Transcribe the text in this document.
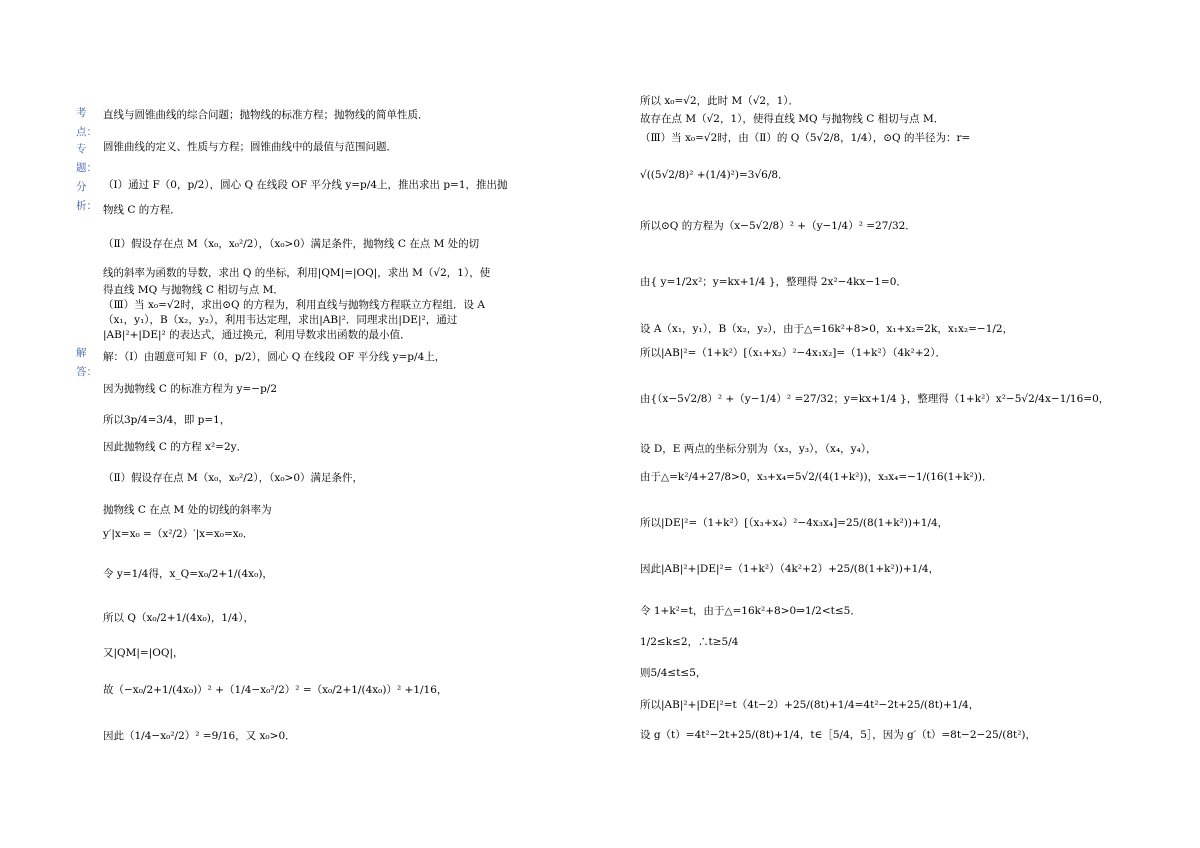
考点：
专题：
分析：
解答：
直线与圆锥曲线的综合问题；抛物线的标准方程；抛物线的简单性质．
圆锥曲线的定义、性质与方程；圆锥曲线中的最值与范围问题．
（Ⅰ）通过 F（0，p/2），圆心 Q 在线段 OF 平分线 y=p/4上，推出求出 p=1，推出抛
物线 C 的方程．
（Ⅱ）假设存在点 M（x₀，x₀²/2），（x₀>0）满足条件，抛物线 C 在点 M 处的切
线的斜率为函数的导数，求出 Q 的坐标，利用|QM|=|OQ|，求出 M（√2，1），使
得直线 MQ 与抛物线 C 相切与点 M．
（Ⅲ）当 x₀=√2时，求出⊙Q 的方程为，利用直线与抛物线方程联立方程组．设 A
（x₁，y₁），B（x₂，y₂），利用韦达定理，求出|AB|²．同理求出|DE|²，通过
|AB|²+|DE|² 的表达式，通过换元，利用导数求出函数的最小值．
解：（Ⅰ）由题意可知 F（0，p/2），圆心 Q 在线段 OF 平分线 y=p/4上，
因为抛物线 C 的标准方程为 y=−p/2
所以3p/4=3/4，即 p=1，
因此抛物线 C 的方程 x²=2y．
（Ⅱ）假设存在点 M（x₀，x₀²/2），（x₀>0）满足条件，
抛物线 C 在点 M 处的切线的斜率为
y′|x=x₀ =（x²/2）′|x=x₀=x₀．
令 y=1/4得，x_Q=x₀/2+1/(4x₀)，
所以 Q（x₀/2+1/(4x₀)，1/4），
又|QM|=|OQ|，
故（−x₀/2+1/(4x₀)）² +（1/4−x₀²/2）² =（x₀/2+1/(4x₀)）² +1/16，
因此（1/4−x₀²/2）² =9/16，又 x₀>0．
所以 x₀=√2，此时 M（√2，1）．
故存在点 M（√2，1），使得直线 MQ 与抛物线 C 相切与点 M．
（Ⅲ）当 x₀=√2时，由（Ⅱ）的 Q（5√2/8，1/4），⊙Q 的半径为：r=
√((5√2/8)² +(1/4)²)=3√6/8．
所以⊙Q 的方程为（x−5√2/8）² +（y−1/4）² =27/32．
由{ y=1/2x²；y=kx+1/4 }，整理得 2x²−4kx−1=0．
设 A（x₁，y₁），B（x₂，y₂），由于△=16k²+8>0，x₁+x₂=2k，x₁x₂=−1/2，
所以|AB|²=（1+k²）[（x₁+x₂）²−4x₁x₂]=（1+k²）（4k²+2）．
由{（x−5√2/8）² +（y−1/4）² =27/32；y=kx+1/4 }，整理得（1+k²）x²−5√2/4x−1/16=0，
设 D，E 两点的坐标分别为（x₃，y₃），（x₄，y₄），
由于△=k²/4+27/8>0，x₃+x₄=5√2/(4(1+k²))，x₃x₄=−1/(16(1+k²))．
所以|DE|²=（1+k²）[（x₃+x₄）²−4x₃x₄]=25/(8(1+k²))+1/4，
因此|AB|²+|DE|²=（1+k²）（4k²+2）+25/(8(1+k²))+1/4，
令 1+k²=t，由于△=16k²+8>0⇒1/2<t≤5．
1/2≤k≤2，∴t≥5/4
则5/4≤t≤5，
所以|AB|²+|DE|²=t（4t−2）+25/(8t)+1/4=4t²−2t+25/(8t)+1/4，
设 g（t）=4t²−2t+25/(8t)+1/4，t∈［5/4，5］，因为 g′（t）=8t−2−25/(8t²)，
